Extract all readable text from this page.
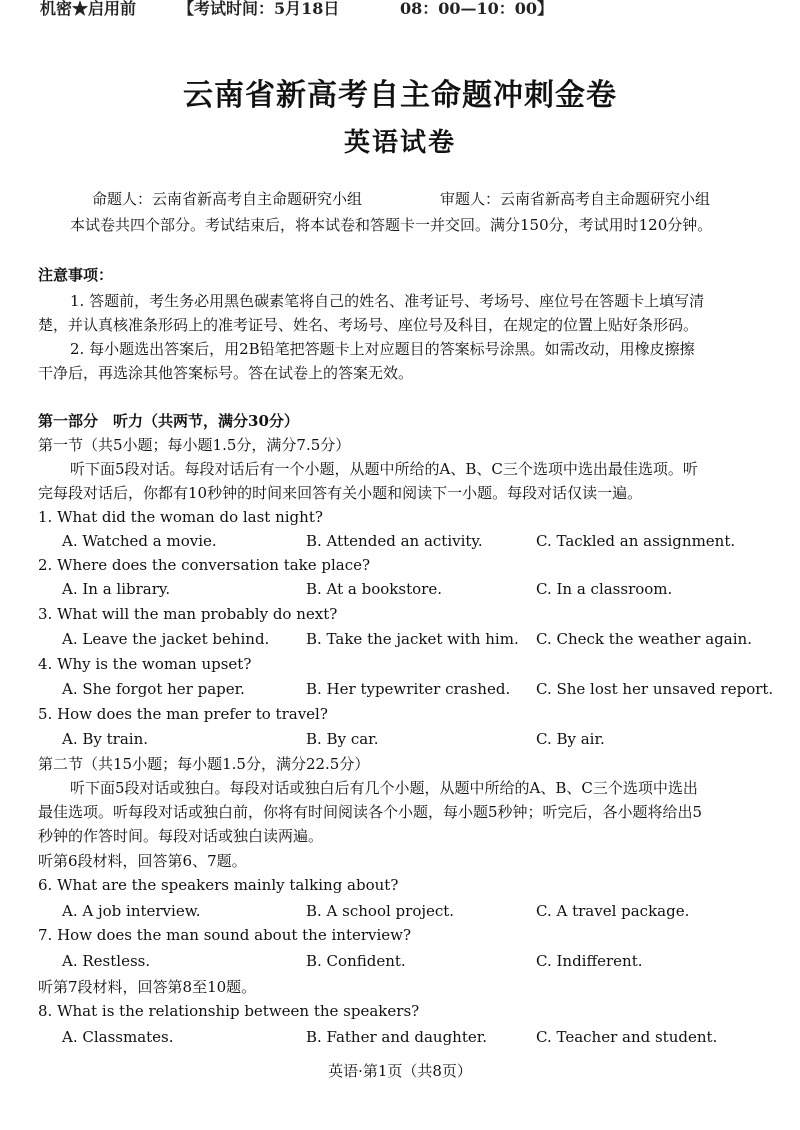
机密★启用前	【考试时间：5月18日	08：00—10：00】
云南省新高考自主命题冲刺金卷
英语试卷
命题人：云南省新高考自主命题研究小组	审题人：云南省新高考自主命题研究小组
本试卷共四个部分。考试结束后，将本试卷和答题卡一并交回。满分150分，考试用时120分钟。
注意事项：
1. 答题前，考生务必用黑色碳素笔将自己的姓名、准考证号、考场号、座位号在答题卡上填写清
楚，并认真核准条形码上的准考证号、姓名、考场号、座位号及科目，在规定的位置上贴好条形码。
2. 每小题选出答案后，用2B铅笔把答题卡上对应题目的答案标号涂黑。如需改动，用橡皮擦擦
干净后，再选涂其他答案标号。答在试卷上的答案无效。
第一部分　听力（共两节，满分30分）
第一节（共5小题；每小题1.5分，满分7.5分）
听下面5段对话。每段对话后有一个小题，从题中所给的A、B、C三个选项中选出最佳选项。听
完每段对话后，你都有10秒钟的时间来回答有关小题和阅读下一小题。每段对话仅读一遍。
1. What did the woman do last night?
A. Watched a movie.	B. Attended an activity.	C. Tackled an assignment.
2. Where does the conversation take place?
A. In a library.	B. At a bookstore.	C. In a classroom.
3. What will the man probably do next?
A. Leave the jacket behind. B. Take the jacket with him. C. Check the weather again.
4. Why is the woman upset?
A. She forgot her paper.	B. Her typewriter crashed. C. She lost her unsaved report.
5. How does the man prefer to travel?
A. By train.	B. By car.	C. By air.
第二节（共15小题；每小题1.5分，满分22.5分）
听下面5段对话或独白。每段对话或独白后有几个小题，从题中所给的A、B、C三个选项中选出
最佳选项。听每段对话或独白前，你将有时间阅读各个小题，每小题5秒钟；听完后，各小题将给出5
秒钟的作答时间。每段对话或独白读两遍。
听第6段材料，回答第6、7题。
6. What are the speakers mainly talking about?
A. A job interview.	B. A school project.	C. A travel package.
7. How does the man sound about the interview?
A. Restless.	B. Confident.	C. Indifferent.
听第7段材料，回答第8至10题。
8. What is the relationship between the speakers?
A. Classmates.	B. Father and daughter.	C. Teacher and student.
英语·第1页（共8页）
